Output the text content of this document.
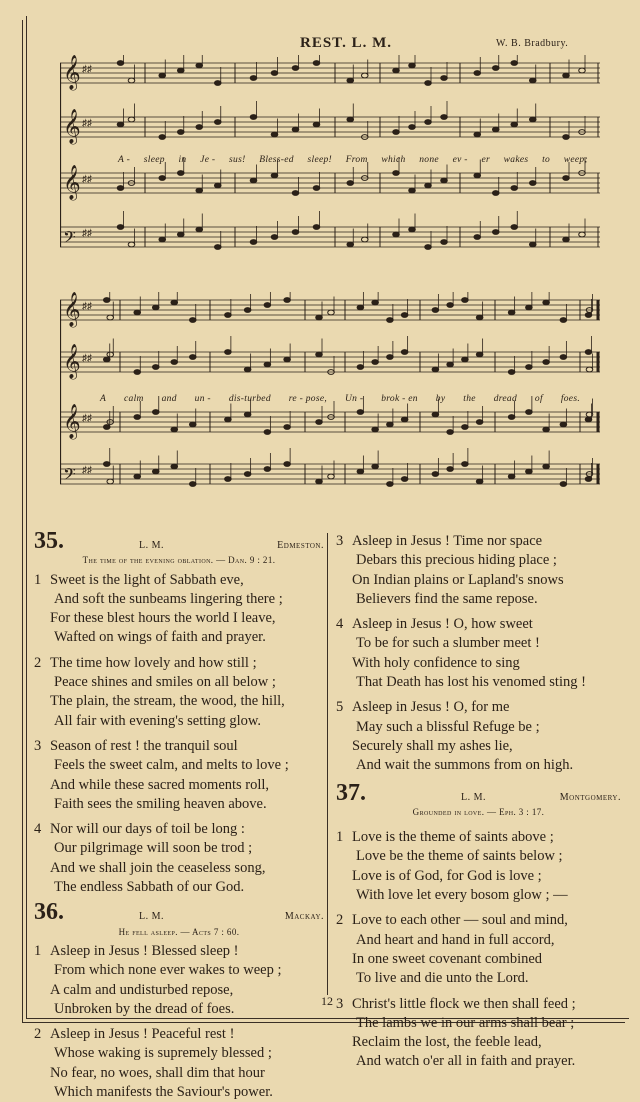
REST. L. M.	W. B. Bradbury.
𝄞 ♯♯
𝄞 ♯♯
𝄞 ♯♯
𝄢 ♯♯
A - sleep in Je - sus! Bless-ed sleep! From which none ev - er wakes to weep;
𝄞 ♯♯
𝄞 ♯♯
𝄞 ♯♯
𝄢 ♯♯
A calm and un - dis-turbed re - pose, Un - brok - en by the dread of foes.
35.	L. M.	Edmeston.
The time of the evening oblation. — Dan. 9 : 21.
1 Sweet is the light of Sabbath eve,
And soft the sunbeams lingering there ;
For these blest hours the world I leave,
Wafted on wings of faith and prayer.
2 The time how lovely and how still ;
Peace shines and smiles on all below ;
The plain, the stream, the wood, the hill,
All fair with evening's setting glow.
3 Season of rest ! the tranquil soul
Feels the sweet calm, and melts to love ;
And while these sacred moments roll,
Faith sees the smiling heaven above.
4 Nor will our days of toil be long :
Our pilgrimage will soon be trod ;
And we shall join the ceaseless song,
The endless Sabbath of our God.
36.	L. M.	Mackay.
He fell asleep. — Acts 7 : 60.
1 Asleep in Jesus ! Blessed sleep !
From which none ever wakes to weep ;
A calm and undisturbed repose,
Unbroken by the dread of foes.
2 Asleep in Jesus ! Peaceful rest !
Whose waking is supremely blessed ;
No fear, no woes, shall dim that hour
Which manifests the Saviour's power.
3 Asleep in Jesus ! Time nor space
Debars this precious hiding place ;
On Indian plains or Lapland's snows
Believers find the same repose.
4 Asleep in Jesus ! O, how sweet
To be for such a slumber meet !
With holy confidence to sing
That Death has lost his venomed sting !
5 Asleep in Jesus ! O, for me
May such a blissful Refuge be ;
Securely shall my ashes lie,
And wait the summons from on high.
37.	L. M.	Montgomery.
Grounded in love. — Eph. 3 : 17.
1 Love is the theme of saints above ;
Love be the theme of saints below ;
Love is of God, for God is love ;
With love let every bosom glow ; —
2 Love to each other — soul and mind,
And heart and hand in full accord,
In one sweet covenant combined
To live and die unto the Lord.
3 Christ's little flock we then shall feed ;
The lambs we in our arms shall bear ;
Reclaim the lost, the feeble lead,
And watch o'er all in faith and prayer.
12
